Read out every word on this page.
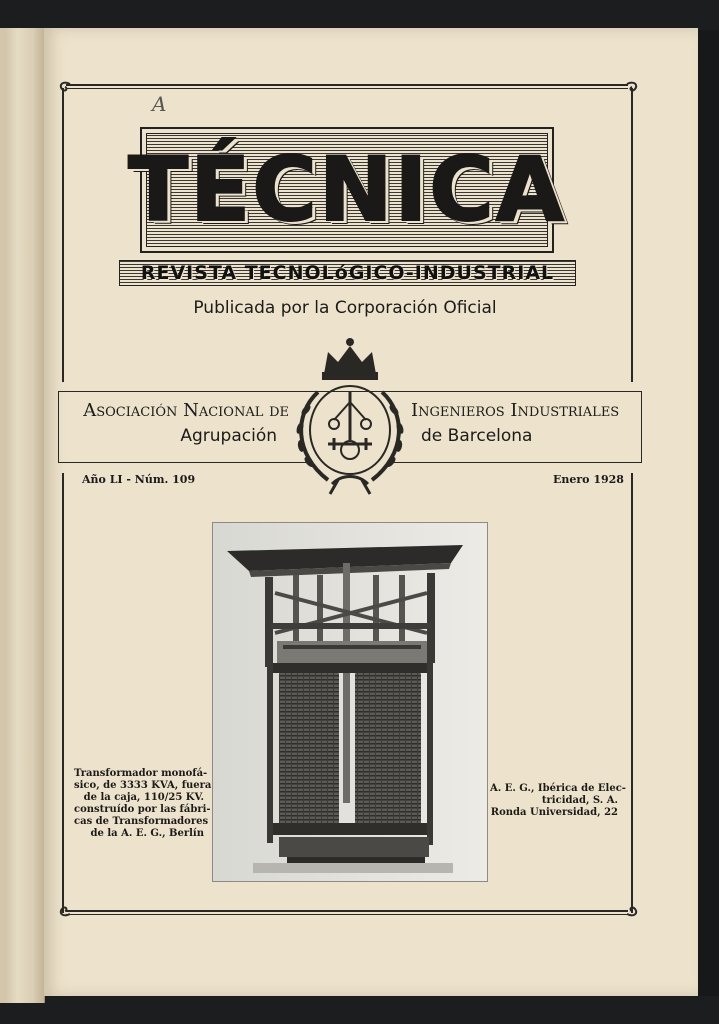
A
TÉCNICA
REVISTA TECNOLóGICO-INDUSTRIAL
Publicada por la Corporación Oficial
Asociación Nacional de
Agrupación
Ingenieros Industriales
de Barcelona
Año LI - Núm. 109	Enero 1928
Transformador monofá-
sico, de 3333 KVA, fuera
de la caja, 110/25 KV.
construído por las fábri-
cas de Transformadores
de la A. E. G., Berlín
A. E. G., Ibérica de Elec-
tricidad, S. A.
Ronda Universidad, 22
